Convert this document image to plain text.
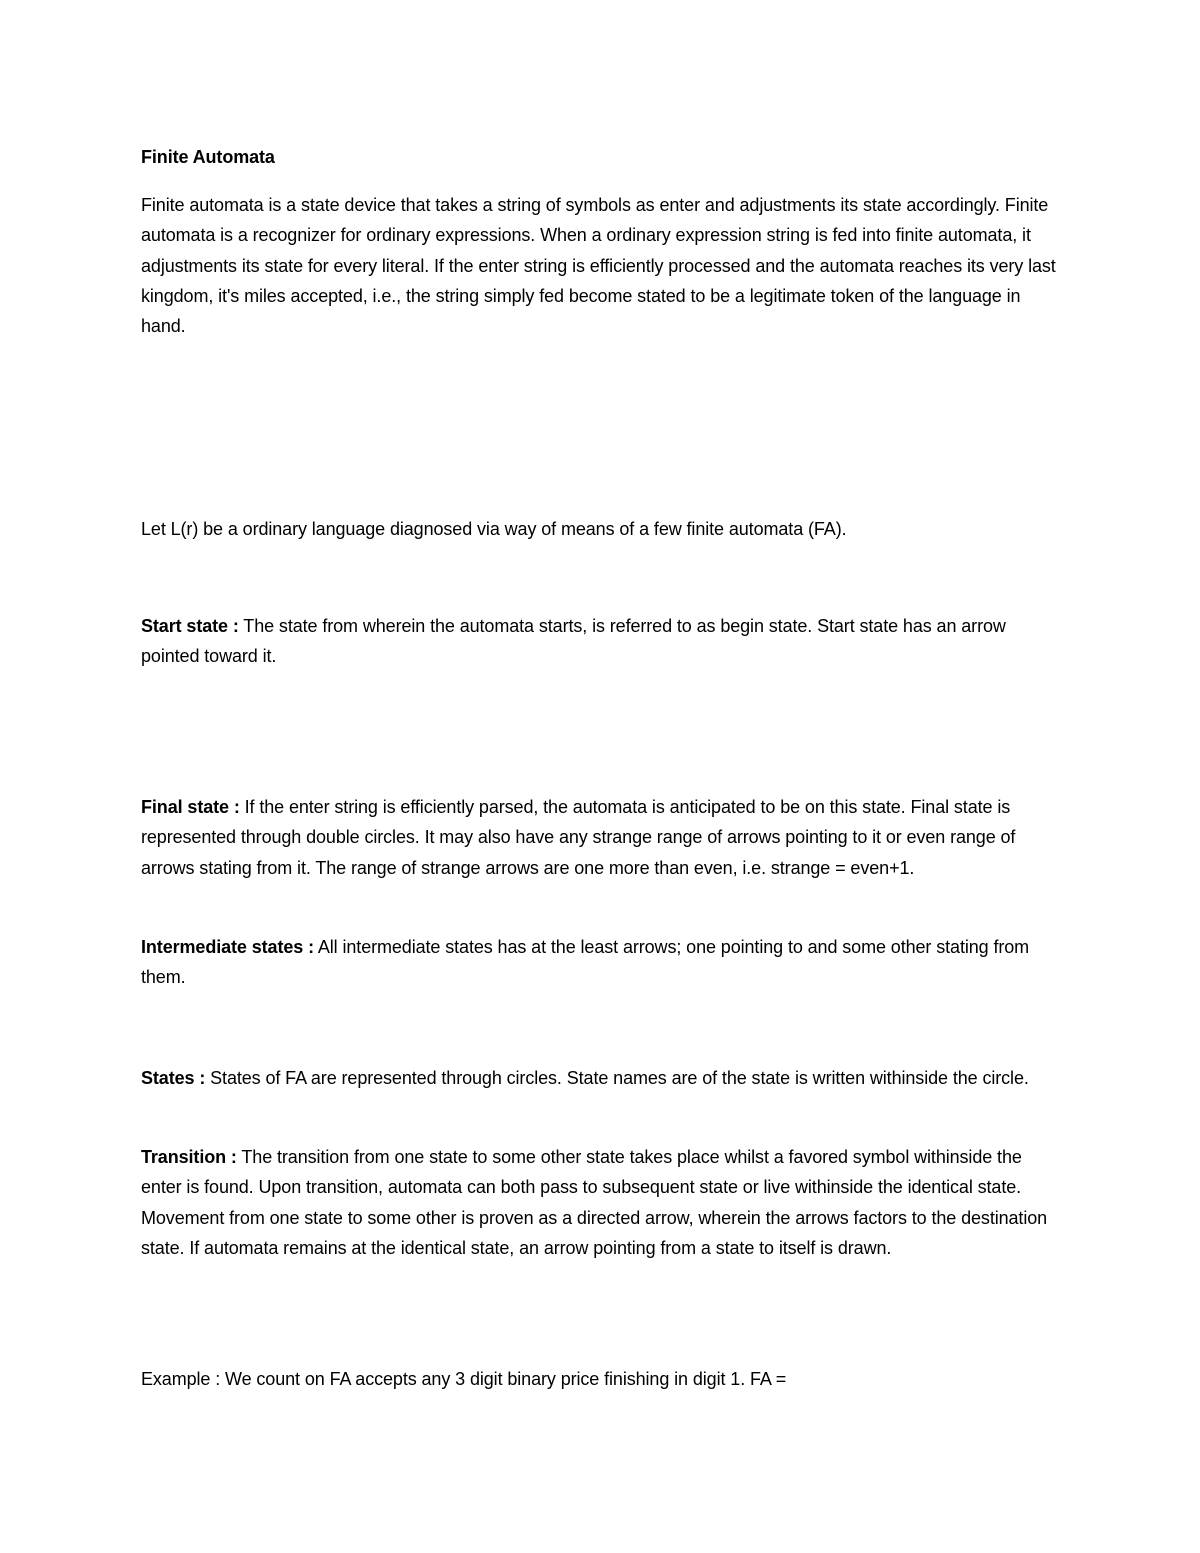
Finite Automata

Finite automata is a state device that takes a string of symbols as enter and adjustments its state accordingly. Finite automata is a recognizer for ordinary expressions. When a ordinary expression string is fed into finite automata, it adjustments its state for every literal. If the enter string is efficiently processed and the automata reaches its very last kingdom, it's miles accepted, i.e., the string simply fed become stated to be a legitimate token of the language in hand.

Let L(r) be a ordinary language diagnosed via way of means of a few finite automata (FA).

Start state : The state from wherein the automata starts, is referred to as begin state. Start state has an arrow pointed toward it.

Final state : If the enter string is efficiently parsed, the automata is anticipated to be on this state. Final state is represented through double circles. It may also have any strange range of arrows pointing to it or even range of arrows stating from it. The range of strange arrows are one more than even, i.e. strange = even+1.

Intermediate states : All intermediate states has at the least arrows; one pointing to and some other stating from them.

States : States of FA are represented through circles. State names are of the state is written withinside the circle.

Transition : The transition from one state to some other state takes place whilst a favored symbol withinside the enter is found. Upon transition, automata can both pass to subsequent state or live withinside the identical state. Movement from one state to some other is proven as a directed arrow, wherein the arrows factors to the destination state. If automata remains at the identical state, an arrow pointing from a state to itself is drawn.

Example : We count on FA accepts any 3 digit binary price finishing in digit 1. FA =
